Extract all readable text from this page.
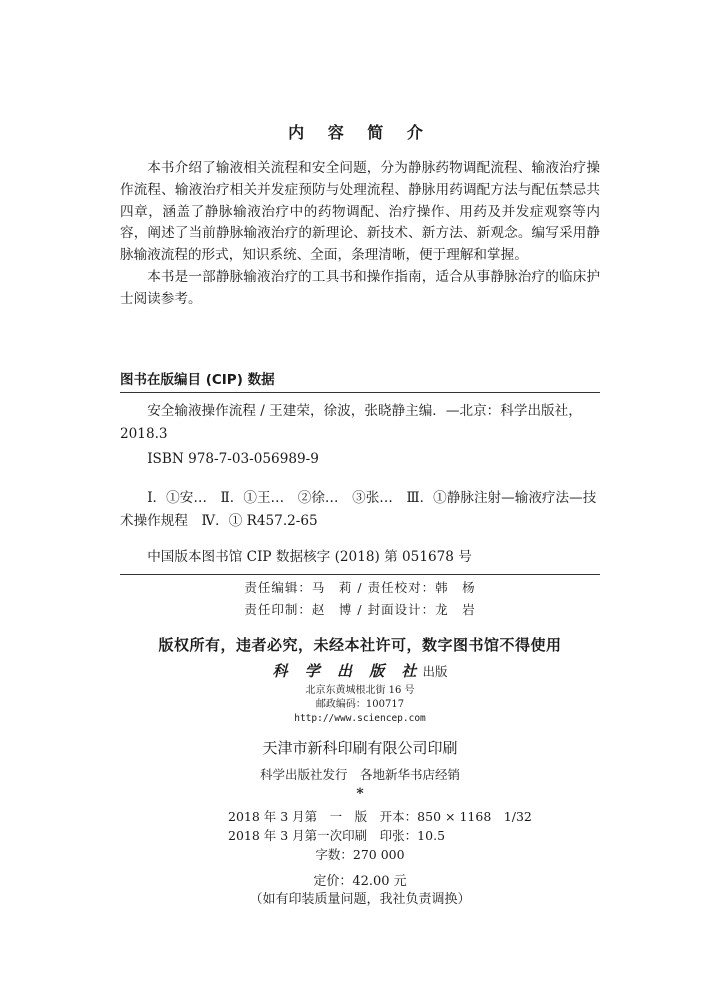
内 容 简 介

本书介绍了输液相关流程和安全问题，分为静脉药物调配流程、输液治疗操作流程、输液治疗相关并发症预防与处理流程、静脉用药调配方法与配伍禁忌共四章，涵盖了静脉输液治疗中的药物调配、治疗操作、用药及并发症观察等内容，阐述了当前静脉输液治疗的新理论、新技术、新方法、新观念。编写采用静脉输液流程的形式，知识系统、全面，条理清晰，便于理解和掌握。

本书是一部静脉输液治疗的工具书和操作指南，适合从事静脉治疗的临床护士阅读参考。

图书在版编目 (CIP) 数据

安全输液操作流程 / 王建荣，徐波，张晓静主编．—北京：科学出版社，2018.3

ISBN 978-7-03-056989-9

Ⅰ．①安…　Ⅱ．①王…　②徐…　③张…　Ⅲ．①静脉注射—输液疗法—技术操作规程　Ⅳ．① R457.2-65

中国版本图书馆 CIP 数据核字 (2018) 第 051678 号

责任编辑：马　莉 / 责任校对：韩　杨
责任印制：赵　博 / 封面设计：龙　岩
版权所有，违者必究，未经本社许可，数字图书馆不得使用
科 学 出 版 社出版
北京东黄城根北街 16 号
邮政编码：100717
http://www.sciencep.com
天津市新科印刷有限公司印刷
科学出版社发行　各地新华书店经销
*
2018 年 3 月第　一　版　开本：850 × 1168　1/32
2018 年 3 月第一次印刷　印张：10.5
字数：270 000
定价：42.00 元
（如有印装质量问题，我社负责调换）
